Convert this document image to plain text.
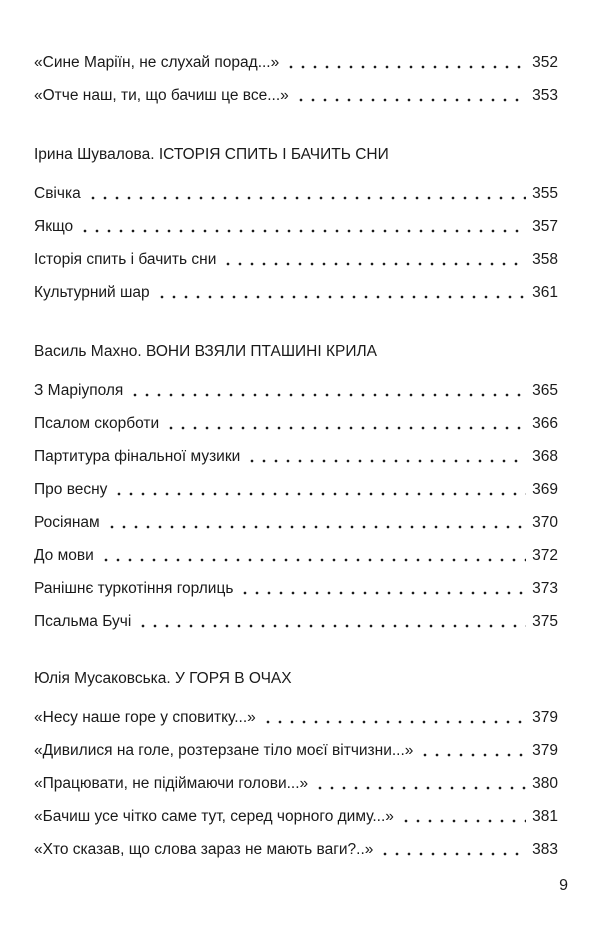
«Сине Маріїн, не слухай порад...»	352
«Отче наш, ти, що бачиш це все...»	353
Ірина Шувалова. ІСТОРІЯ СПИТЬ І БАЧИТЬ СНИ
Свічка	355
Якщо	357
Історія спить і бачить сни	358
Культурний шар	361
Василь Махно. ВОНИ ВЗЯЛИ ПТАШИНІ КРИЛА
З Маріуполя	365
Псалом скорботи	366
Партитура фінальної музики	368
Про весну	369
Росіянам	370
До мови	372
Ранішнє туркотіння горлиць	373
Псальма Бучі	375
Юлія Мусаковська. У ГОРЯ В ОЧАХ
«Несу наше горе у сповитку...»	379
«Дивилися на голе, розтерзане тіло моєї вітчизни...»	379
«Працювати, не підіймаючи голови...»	380
«Бачиш усе чітко саме тут, серед чорного диму...»	381
«Хто сказав, що слова зараз не мають ваги?..»	383
9
